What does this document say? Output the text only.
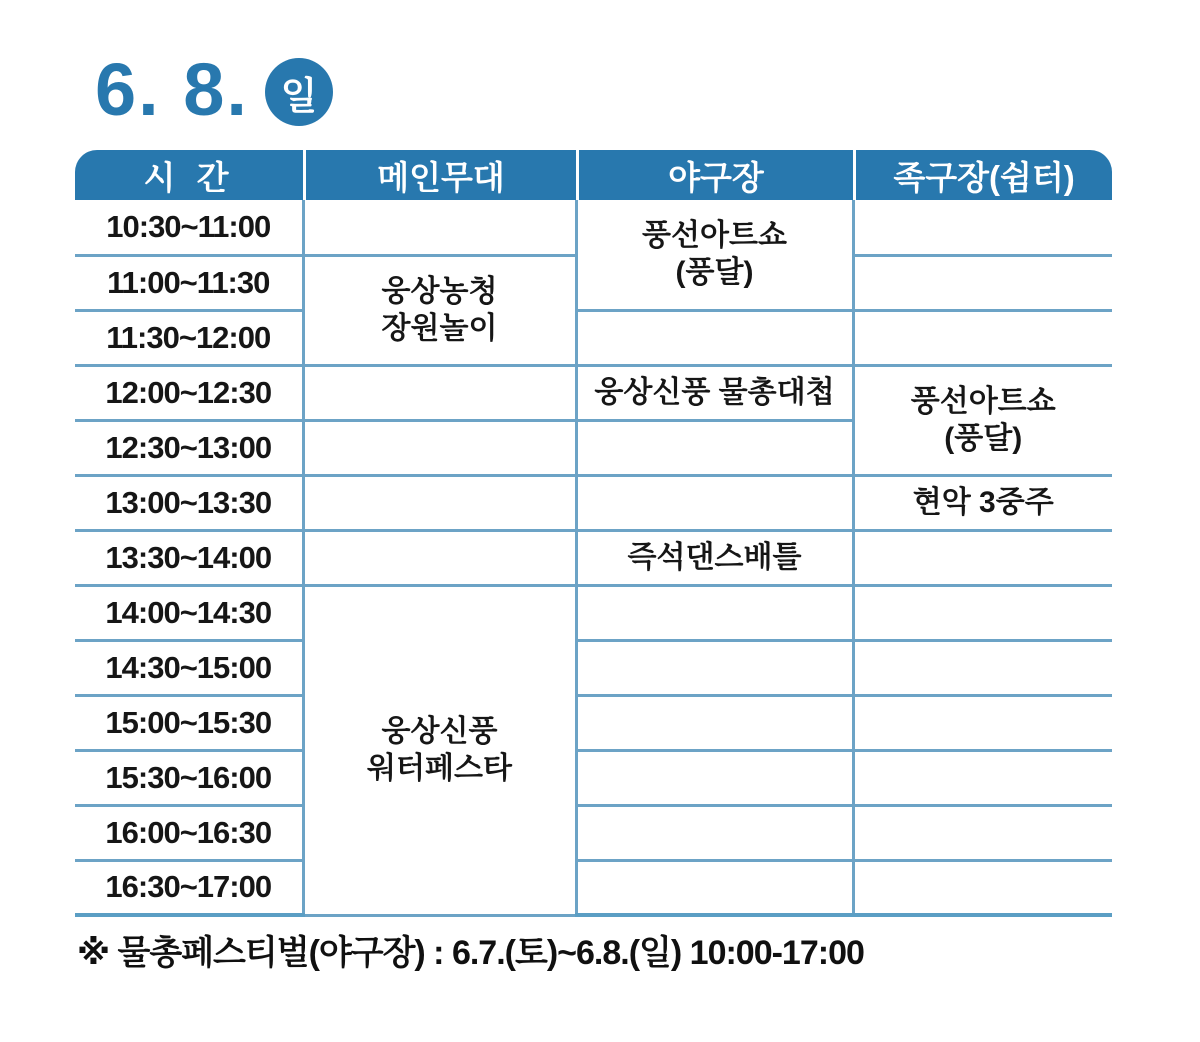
6. 8. 일
시 간	메인무대	야구장	족구장(쉼터)
10:30~11:00		풍선아트쇼
(풍달)	

11:00~11:30	웅상농청
장원놀이		

11:30~12:00			
12:00~12:30		웅상신풍 물총대첩	풍선아트쇼
(풍달)

12:30~13:00			
13:00~13:30			현악 3중주

13:30~14:00		즉석댄스배틀	

14:00~14:30	웅상신풍
워터페스타		

14:30~15:00			
15:00~15:30			
15:30~16:00			
16:00~16:30			
16:30~17:00			
※ 물총페스티벌(야구장) : 6.7.(토)~6.8.(일) 10:00-17:00
